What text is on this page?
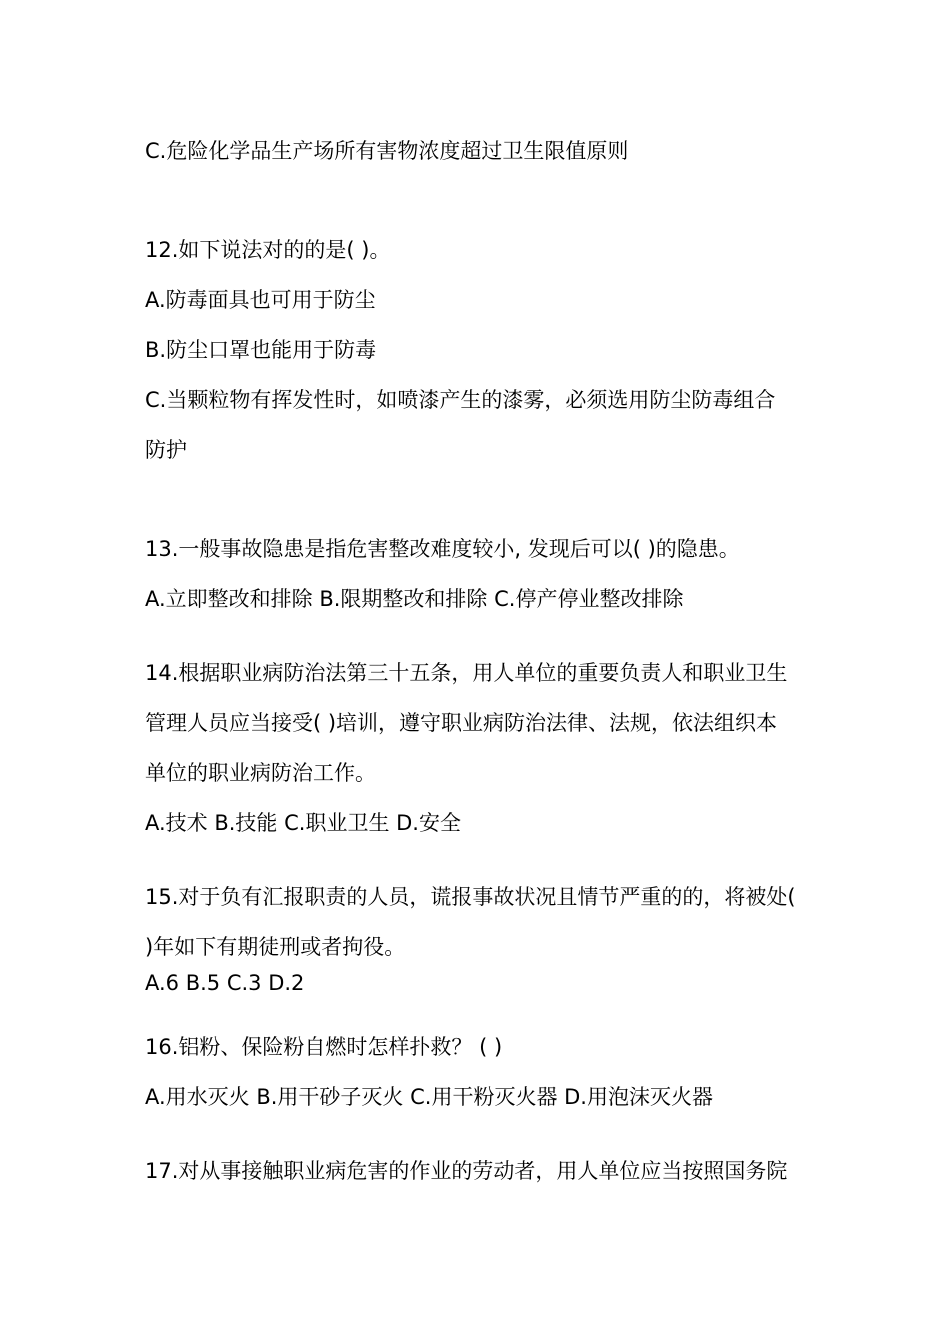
C.危险化学品生产场所有害物浓度超过卫生限值原则
12.如下说法对的的是( )。
A.防毒面具也可用于防尘
B.防尘口罩也能用于防毒
C.当颗粒物有挥发性时，如喷漆产生的漆雾，必须选用防尘防毒组合
防护
13.一般事故隐患是指危害整改难度较小, 发现后可以( )的隐患。
A.立即整改和排除 B.限期整改和排除 C.停产停业整改排除
14.根据职业病防治法第三十五条，用人单位的重要负责人和职业卫生
管理人员应当接受( )培训，遵守职业病防治法律、法规，依法组织本
单位的职业病防治工作。
A.技术 B.技能 C.职业卫生 D.安全
15.对于负有汇报职责的人员，谎报事故状况且情节严重的的，将被处(
)年如下有期徒刑或者拘役。
A.6 B.5 C.3 D.2
16.铝粉、保险粉自燃时怎样扑救？ ( )
A.用水灭火 B.用干砂子灭火 C.用干粉灭火器 D.用泡沫灭火器
17.对从事接触职业病危害的作业的劳动者，用人单位应当按照国务院
